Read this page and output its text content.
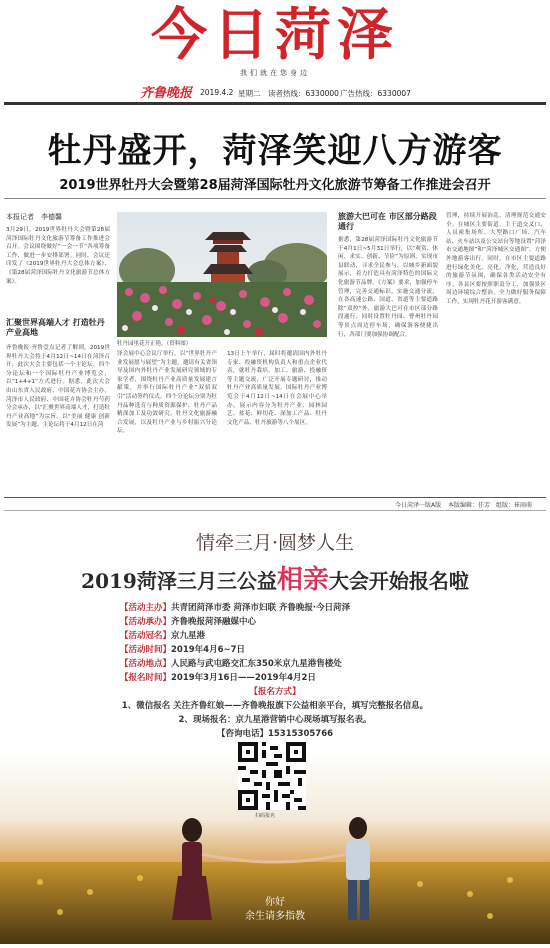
今日菏泽
我们就在您身边
齐鲁晚报 2019.4.2 星期二 读者热线：6330000 广告热线：6330007
牡丹盛开，菏泽笑迎八方游客
2019世界牡丹大会暨第28届菏泽国际牡丹文化旅游节筹备工作推进会召开
本报记者　李德馨
3月29日，2019世界牡丹大会暨第28届菏泽国际牡丹文化旅游节筹备工作推进会召开。会议围绕做好“一会一节”各项筹备工作，做进一步安排部署。同时，会议还印发了《2019世界牡丹大会总体方案》、《第28届菏泽国际牡丹文化旅游节总体方案》。
汇聚世界高端人才 打造牡丹产业高地
齐鲁晚报·齐鲁壹点记者了解到，2019世界牡丹大会将于4月12日~14日在菏泽召开，此次大会主要包括一个主论坛、四个分论坛和一个国际牡丹产业博览会，以“1+4+1”方式进行。据悉，此次大会由山东省人民政府、中国花卉协会主办，菏泽市人民政府、中国花卉协会牡丹芍药分会承办，以“汇聚世界高端人才，打造牡丹产业高地”为宗旨，以“美丽 健康 创新 发展”为主题。主论坛将于4月12日在菏
牡丹园里花开正艳。（资料图）
泽会展中心会议厅举行，以“世界牡丹产业发展愿与展望”为主题，邀请有关省领导及国内外牡丹产业发展研究领域的专家学者，围绕牡丹产业高质量发展建言献策，并举行国际牡丹产业“双招双引”活动签约仪式。四个分论坛分别为牡丹品种选育与种质资源保护、牡丹产品精深加工及功效研究、牡丹文化旅游融合发展，以及牡丹产业与乡村振兴分论坛。
13日上午举行，届时将邀请国内外牡丹专家、投融资机构负责人和重点企业代表，就牡丹栽培、加工、旅游、投融资等主题交流，广泛开展专题研讨，推动牡丹产业高质量发展。国际牡丹产业博览会于4月12日~14日在会展中心举办，展示内容分为牡丹产业、园林园艺、盆花、鲜切花、深加工产品、牡丹文化产品、牡丹旅游等八个展区。
旅游大巴可在 市区部分路段通行
据悉，第28届菏泽国际牡丹文化旅游节于4月1日~5月31日举行，以“观赏、休闲、求实、创新、节俭”为原则，实现市县联动，寻求全民参与，以城乡新面貌展示，着力打造具有菏泽特色的国际文化旅游节品牌。《方案》要求，加强停车管理，完善交通标识，实施交通分流，在各高速公路、国道、省道等主要道路除“双控”外，旅游大巴可在市区部分路段通行。同时设置牡丹园、曹州牡丹园等景点周边停车场，确保游客便捷出行，各部门要加强协调配合。
管理，持续开展治乱，清理规范交通安全。在城区主要街道、主干道交叉口、人员密集场所、大型路口广场、汽车站、火车站以及公交站台等地设置“菏泽市交通地图”和“菏泽城区交通图”，方便外地游客出行。同时，在市区主要道路进行绿化美化、亮化、净化，营造良好的旅游节氛围，确保各类活动安全有序。各县区要按照职责分工，加强景区周边环境综合整治，全力做好服务保障工作，实现牡丹花开游客满意。
今日菏泽一版A版 本版编辑：任芳　组版：崔雨萌
情牵三月·圆梦人生
2019菏泽三月三公益相亲大会开始报名啦
【活动主办】共青团菏泽市委 菏泽市妇联 齐鲁晚报·今日菏泽
【活动承办】齐鲁晚报菏泽融媒中心
【活动冠名】京九星港
【活动时间】2019年4月6~7日
【活动地点】人民路与武屯路交汇东350米京九星港售楼处
【报名时间】2019年3月16日——2019年4月2日
【报名方式】
1、微信报名 关注齐鲁红娘——齐鲁晚报旗下公益相亲平台，填写完整报名信息。
2、现场报名：京九星港营销中心现场填写报名表。
【咨询电话】15315305766
扫码报名
你好
余生请多指教
